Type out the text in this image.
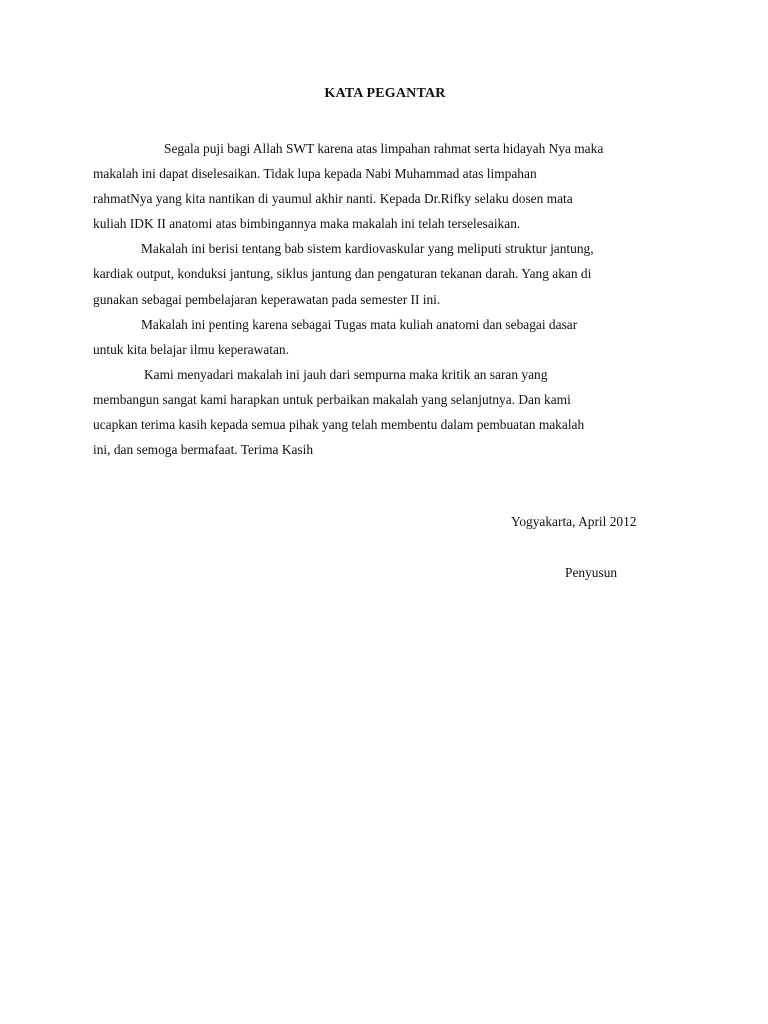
KATA PEGANTAR

Segala puji bagi Allah SWT karena atas limpahan rahmat serta hidayah Nya maka

makalah ini dapat diselesaikan. Tidak lupa kepada Nabi Muhammad atas limpahan
rahmatNya yang kita nantikan di yaumul akhir nanti. Kepada Dr.Rifky selaku dosen mata
kuliah IDK II anatomi atas bimbingannya maka makalah ini telah terselesaikan.

Makalah ini berisi tentang bab sistem kardiovaskular yang meliputi struktur jantung,

kardiak output, konduksi jantung, siklus jantung dan pengaturan tekanan darah. Yang akan di
gunakan sebagai pembelajaran keperawatan pada semester II ini.

Makalah ini penting karena sebagai Tugas mata kuliah anatomi dan sebagai dasar

untuk kita belajar ilmu keperawatan.

Kami menyadari makalah ini jauh dari sempurna maka kritik an saran yang

membangun sangat kami harapkan untuk perbaikan makalah yang selanjutnya. Dan kami
ucapkan terima kasih kepada semua pihak yang telah membentu dalam pembuatan makalah
ini, dan semoga bermafaat. Terima Kasih
Yogyakarta, April 2012
Penyusun
